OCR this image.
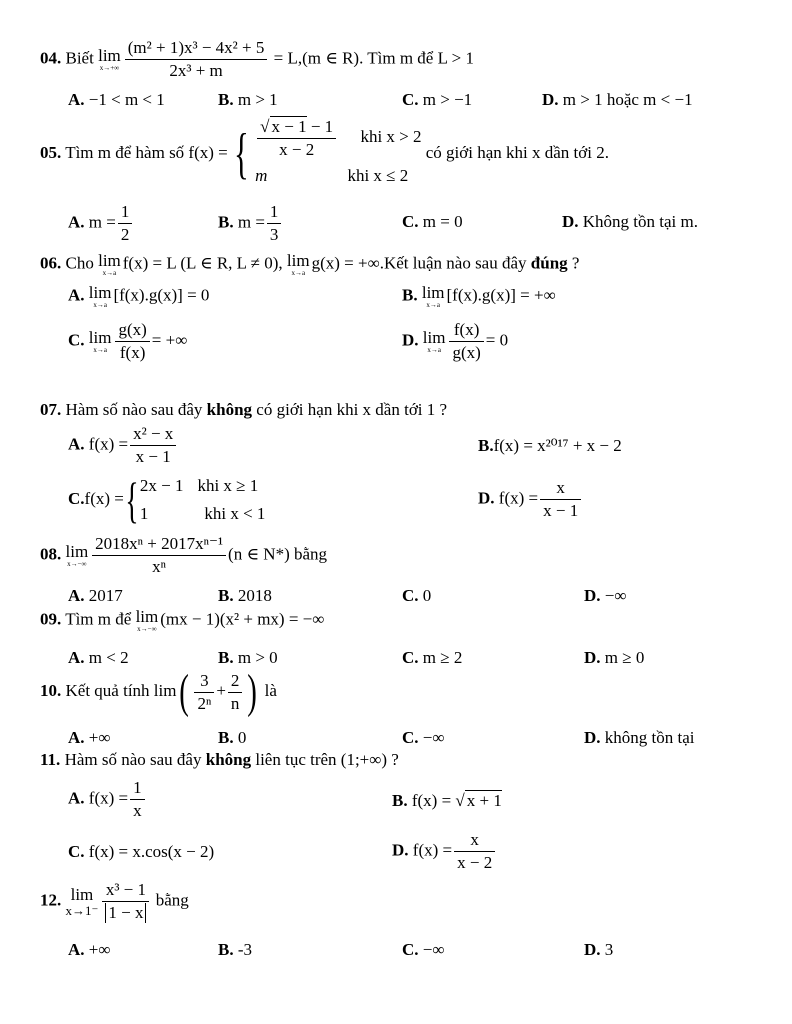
04. Biết lim
$x\to+\infty \frac{\text{(m² + 1)x³ − 4x² + 5}}{\text{2x³ + m}} = L,(m$ ∈ R). Tìm m để L > 1
A. −1 < m < 1	B. m > 1	C. m > −1	D. m > 1 hoặc m < −1
05. Tìm m để hàm số f(x) = { $\frac{√ x - 1 - 1}{x - 2}$ khi x > 2
m	khi x ≤ 2
có giới hạn khi x dần tới 2.
A. $m = \frac{1}{2}$	B. $m = \frac{1}{3}$	C. m = 0	D. Không tồn tại m.
06. Cho lim
x→a
f(x) = L (L ∈ R, L ≠ 0), lim
x→a
g(x) = +∞.Kết luận nào sau đây đúng ?
A. lim
x→a
[f(x).g(x)] = 0	B. lim
x→a
[f(x).g(x)] = +∞
C. lim
$x\to a \frac{g(x)}{f(x)}$ = +∞	D. lim
$x\to a \frac{f(x)}{g(x)} = 0$
07. Hàm số nào sau đây không có giới hạn khi x dần tới 1 ?
A. $f(x) = \frac{\text{x² − x}}{x - 1}$	B.f(x) = x²⁰¹⁷ + x − 2
C.f(x) ={ 2x − 1 khi x ≥ 1
1	khi x < 1
D. $f(x) = \frac{x}{x - 1}$
08. lim
$x\to-\infty \frac{\text{2018xⁿ + 2017xⁿ⁻¹}}{\text{xⁿ}} (n$ ∈ N*) bằng
A. 2017	B. 2018	C. 0	D. −∞
09. Tìm m để lim
x→−∞
(mx − 1)(x² + mx) = −∞
A. m < 2	B. m > 0	C. m ≥ 2	D. m ≥ 0
10. Kết quả tính $\lim( \frac{3}{\text{2ⁿ}} + \frac{2}{n}$ ) là
A. +∞	B. 0	C. −∞	D. không tồn tại
11. Hàm số nào sau đây không liên tục trên (1;+∞) ?
A. $f(x) = \frac{1}{x}$	B. f(x) = √ x + 1
C. f(x) = x.cos(x − 2)	D. $f(x) = \frac{x}{x - 2}$
12. lim
$x\to 1^- \frac{\text{x³ − 1}}{1 - x}$ bằng
A. +∞	B. -3	C. −∞	D. 3
